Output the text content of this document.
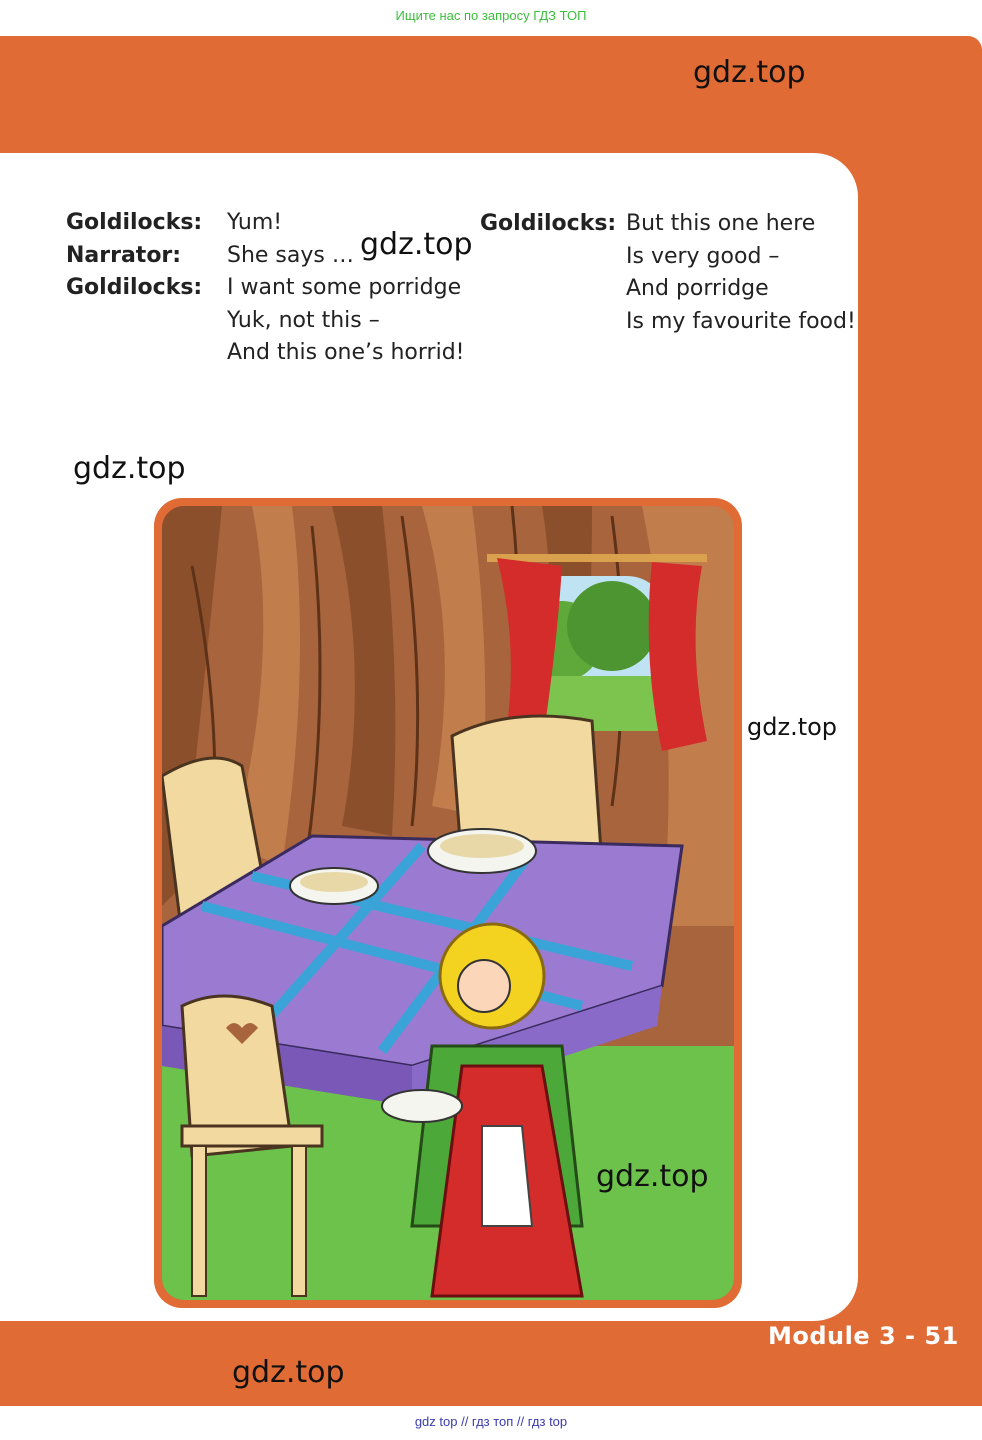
Ищите нас по запросу ГДЗ ТОП
gdz.top
Goldilocks:
Narrator:
Goldilocks:
Yum!
She says …
I want some porridge
Yuk, not this –
And this one’s horrid!
gdz.top
Goldilocks: But this one here
Is very good –
And porridge
Is my favourite food!
gdz.top
gdz.top
gdz.top
Module 3 - 51
gdz.top
gdz top // гдз топ // гдз top
